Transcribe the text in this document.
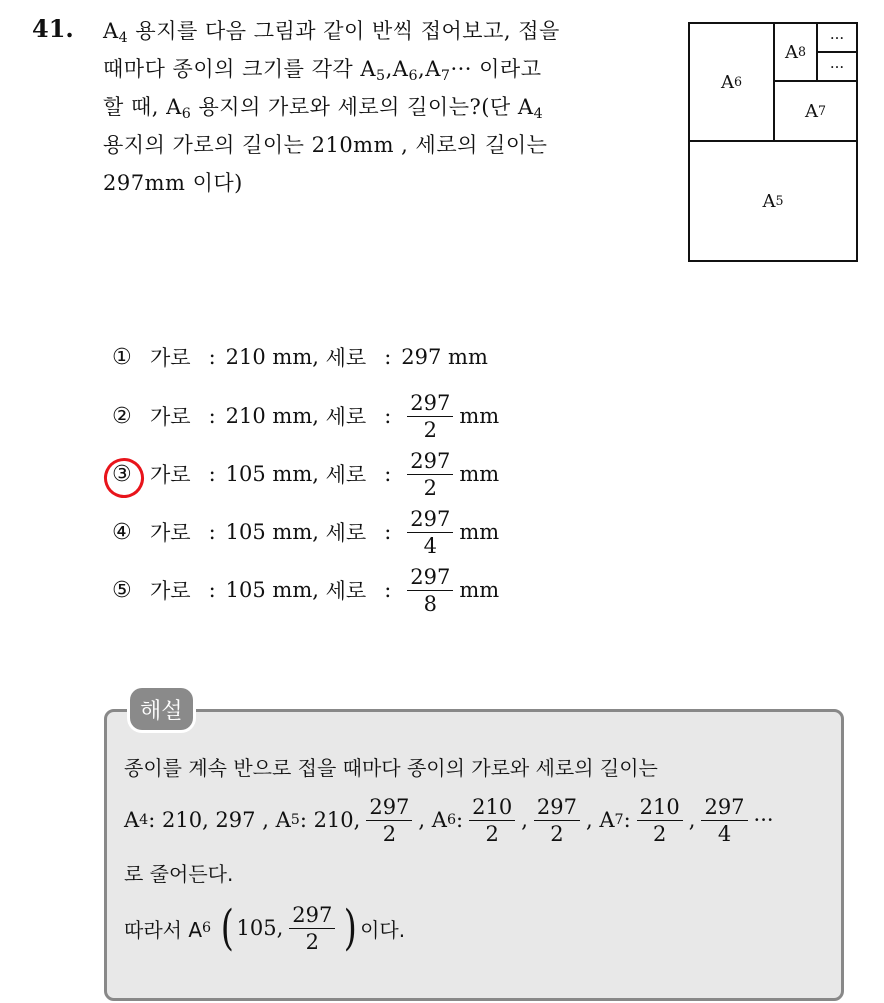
41. $A_4$ 용지를 다음 그림과 같이 반씩 접어보고, 접을
때마다 종이의 크기를 각각 $A_5,A_6,A_7\cdot\cdot\cdot$ 이라고
할 때, $A_6$ 용지의 가로와 세로의 길이는?(단 $A_4$
용지의 가로의 길이는 210mm , 세로의 길이는
297mm 이다)
A 6
A 8
···
···
A 7
A 5
① 가로 : 210 mm,
세로 : 297
mm
② 가로 : 210 mm,
세로 : $\frac{297}{2}$ mm
③ 가로 : 105 mm,
세로 : $\frac{297}{2}$ mm
④ 가로 : 105 mm,
세로 : $\frac{297}{4}$ mm
⑤ 가로 : 105 mm,
세로 : $\frac{297}{8}$ mm
해설
종이를 계속 반으로 접을 때마다 종이의 가로와 세로의 길이는
A 4 : 210, 297 ,
A 5 : 210, $\frac{297}{2}$ , A 6 : $\frac{210}{2}$ , $\frac{297}{2}$ , A 7 : $\frac{210}{2}$ , $\frac{297}{4}$ ···
로 줄어든다.
따라서 A 6
( 105, $\frac{297}{2}$ ) 이다.
